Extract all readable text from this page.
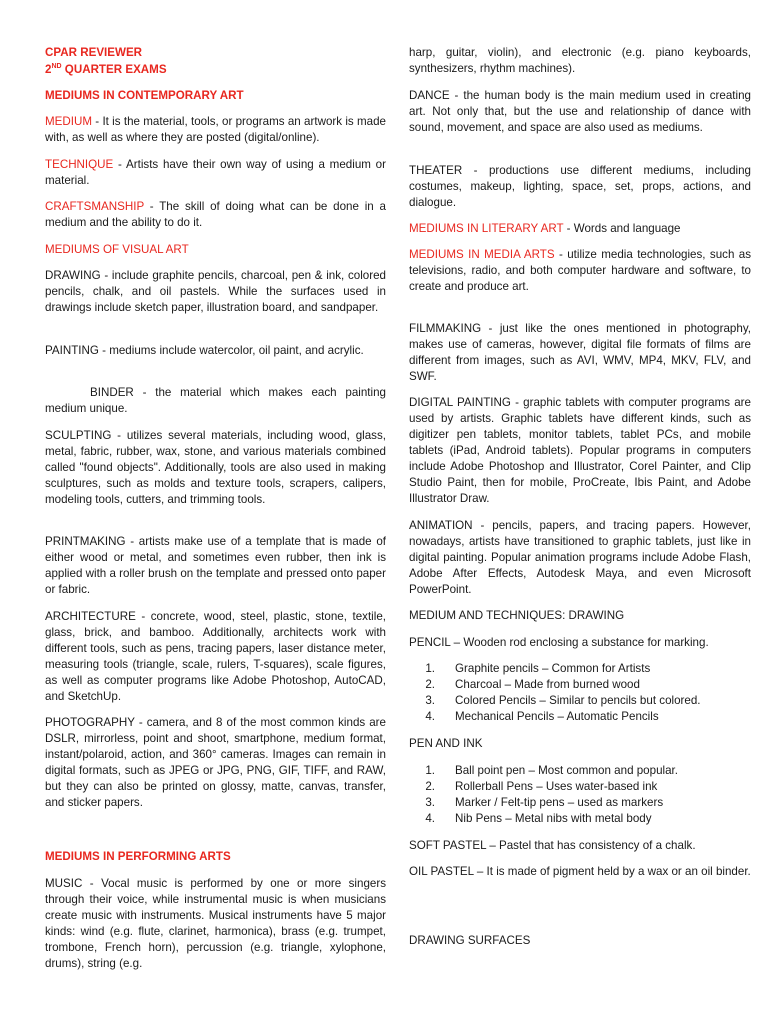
CPAR REVIEWER
2ND QUARTER EXAMS
MEDIUMS IN CONTEMPORARY ART

MEDIUM - It is the material, tools, or programs an artwork is made with, as well as where they are posted (digital/online).

TECHNIQUE - Artists have their own way of using a medium or material.

CRAFTSMANSHIP - The skill of doing what can be done in a medium and the ability to do it.

MEDIUMS OF VISUAL ART

DRAWING - include graphite pencils, charcoal, pen & ink, colored pencils, chalk, and oil pastels. While the surfaces used in drawings include sketch paper, illustration board, and sandpaper.

PAINTING - mediums include watercolor, oil paint, and acrylic.

BINDER - the material which makes each painting medium unique.

SCULPTING - utilizes several materials, including wood, glass, metal, fabric, rubber, wax, stone, and various materials combined called "found objects". Additionally, tools are also used in making sculptures, such as molds and texture tools, scrapers, calipers, modeling tools, cutters, and trimming tools.

PRINTMAKING - artists make use of a template that is made of either wood or metal, and sometimes even rubber, then ink is applied with a roller brush on the template and pressed onto paper or fabric.

ARCHITECTURE - concrete, wood, steel, plastic, stone, textile, glass, brick, and bamboo. Additionally, architects work with different tools, such as pens, tracing papers, laser distance meter, measuring tools (triangle, scale, rulers, T-squares), scale figures, as well as computer programs like Adobe Photoshop, AutoCAD, and SketchUp.

PHOTOGRAPHY - camera, and 8 of the most common kinds are DSLR, mirrorless, point and shoot, smartphone, medium format, instant/polaroid, action, and 360° cameras. Images can remain in digital formats, such as JPEG or JPG, PNG, GIF, TIFF, and RAW, but they can also be printed on glossy, matte, canvas, transfer, and sticker papers.

MEDIUMS IN PERFORMING ARTS

MUSIC - Vocal music is performed by one or more singers through their voice, while instrumental music is when musicians create music with instruments. Musical instruments have 5 major kinds: wind (e.g. flute, clarinet, harmonica), brass (e.g. trumpet, trombone, French horn), percussion (e.g. triangle, xylophone, drums), string (e.g.

harp, guitar, violin), and electronic (e.g. piano keyboards, synthesizers, rhythm machines).

DANCE - the human body is the main medium used in creating art. Not only that, but the use and relationship of dance with sound, movement, and space are also used as mediums.

THEATER - productions use different mediums, including costumes, makeup, lighting, space, set, props, actions, and dialogue.

MEDIUMS IN LITERARY ART - Words and language

MEDIUMS IN MEDIA ARTS - utilize media technologies, such as televisions, radio, and both computer hardware and software, to create and produce art.

FILMMAKING - just like the ones mentioned in photography, makes use of cameras, however, digital file formats of films are different from images, such as AVI, WMV, MP4, MKV, FLV, and SWF.

DIGITAL PAINTING - graphic tablets with computer programs are used by artists. Graphic tablets have different kinds, such as digitizer pen tablets, monitor tablets, tablet PCs, and mobile tablets (iPad, Android tablets). Popular programs in computers include Adobe Photoshop and Illustrator, Corel Painter, and Clip Studio Paint, then for mobile, ProCreate, Ibis Paint, and Adobe Illustrator Draw.

ANIMATION - pencils, papers, and tracing papers. However, nowadays, artists have transitioned to graphic tablets, just like in digital painting. Popular animation programs include Adobe Flash, Adobe After Effects, Autodesk Maya, and even Microsoft PowerPoint.

MEDIUM AND TECHNIQUES: DRAWING
PENCIL – Wooden rod enclosing a substance for marking.
1.	Graphite pencils – Common for Artists
2.	Charcoal – Made from burned wood
3.	Colored Pencils – Similar to pencils but colored.
4.	Mechanical Pencils – Automatic Pencils
PEN AND INK
1.	Ball point pen – Most common and popular.
2.	Rollerball Pens – Uses water-based ink
3.	Marker / Felt-tip pens – used as markers
4.	Nib Pens – Metal nibs with metal body
SOFT PASTEL – Pastel that has consistency of a chalk.

OIL PASTEL – It is made of pigment held by a wax or an oil binder.

DRAWING SURFACES
